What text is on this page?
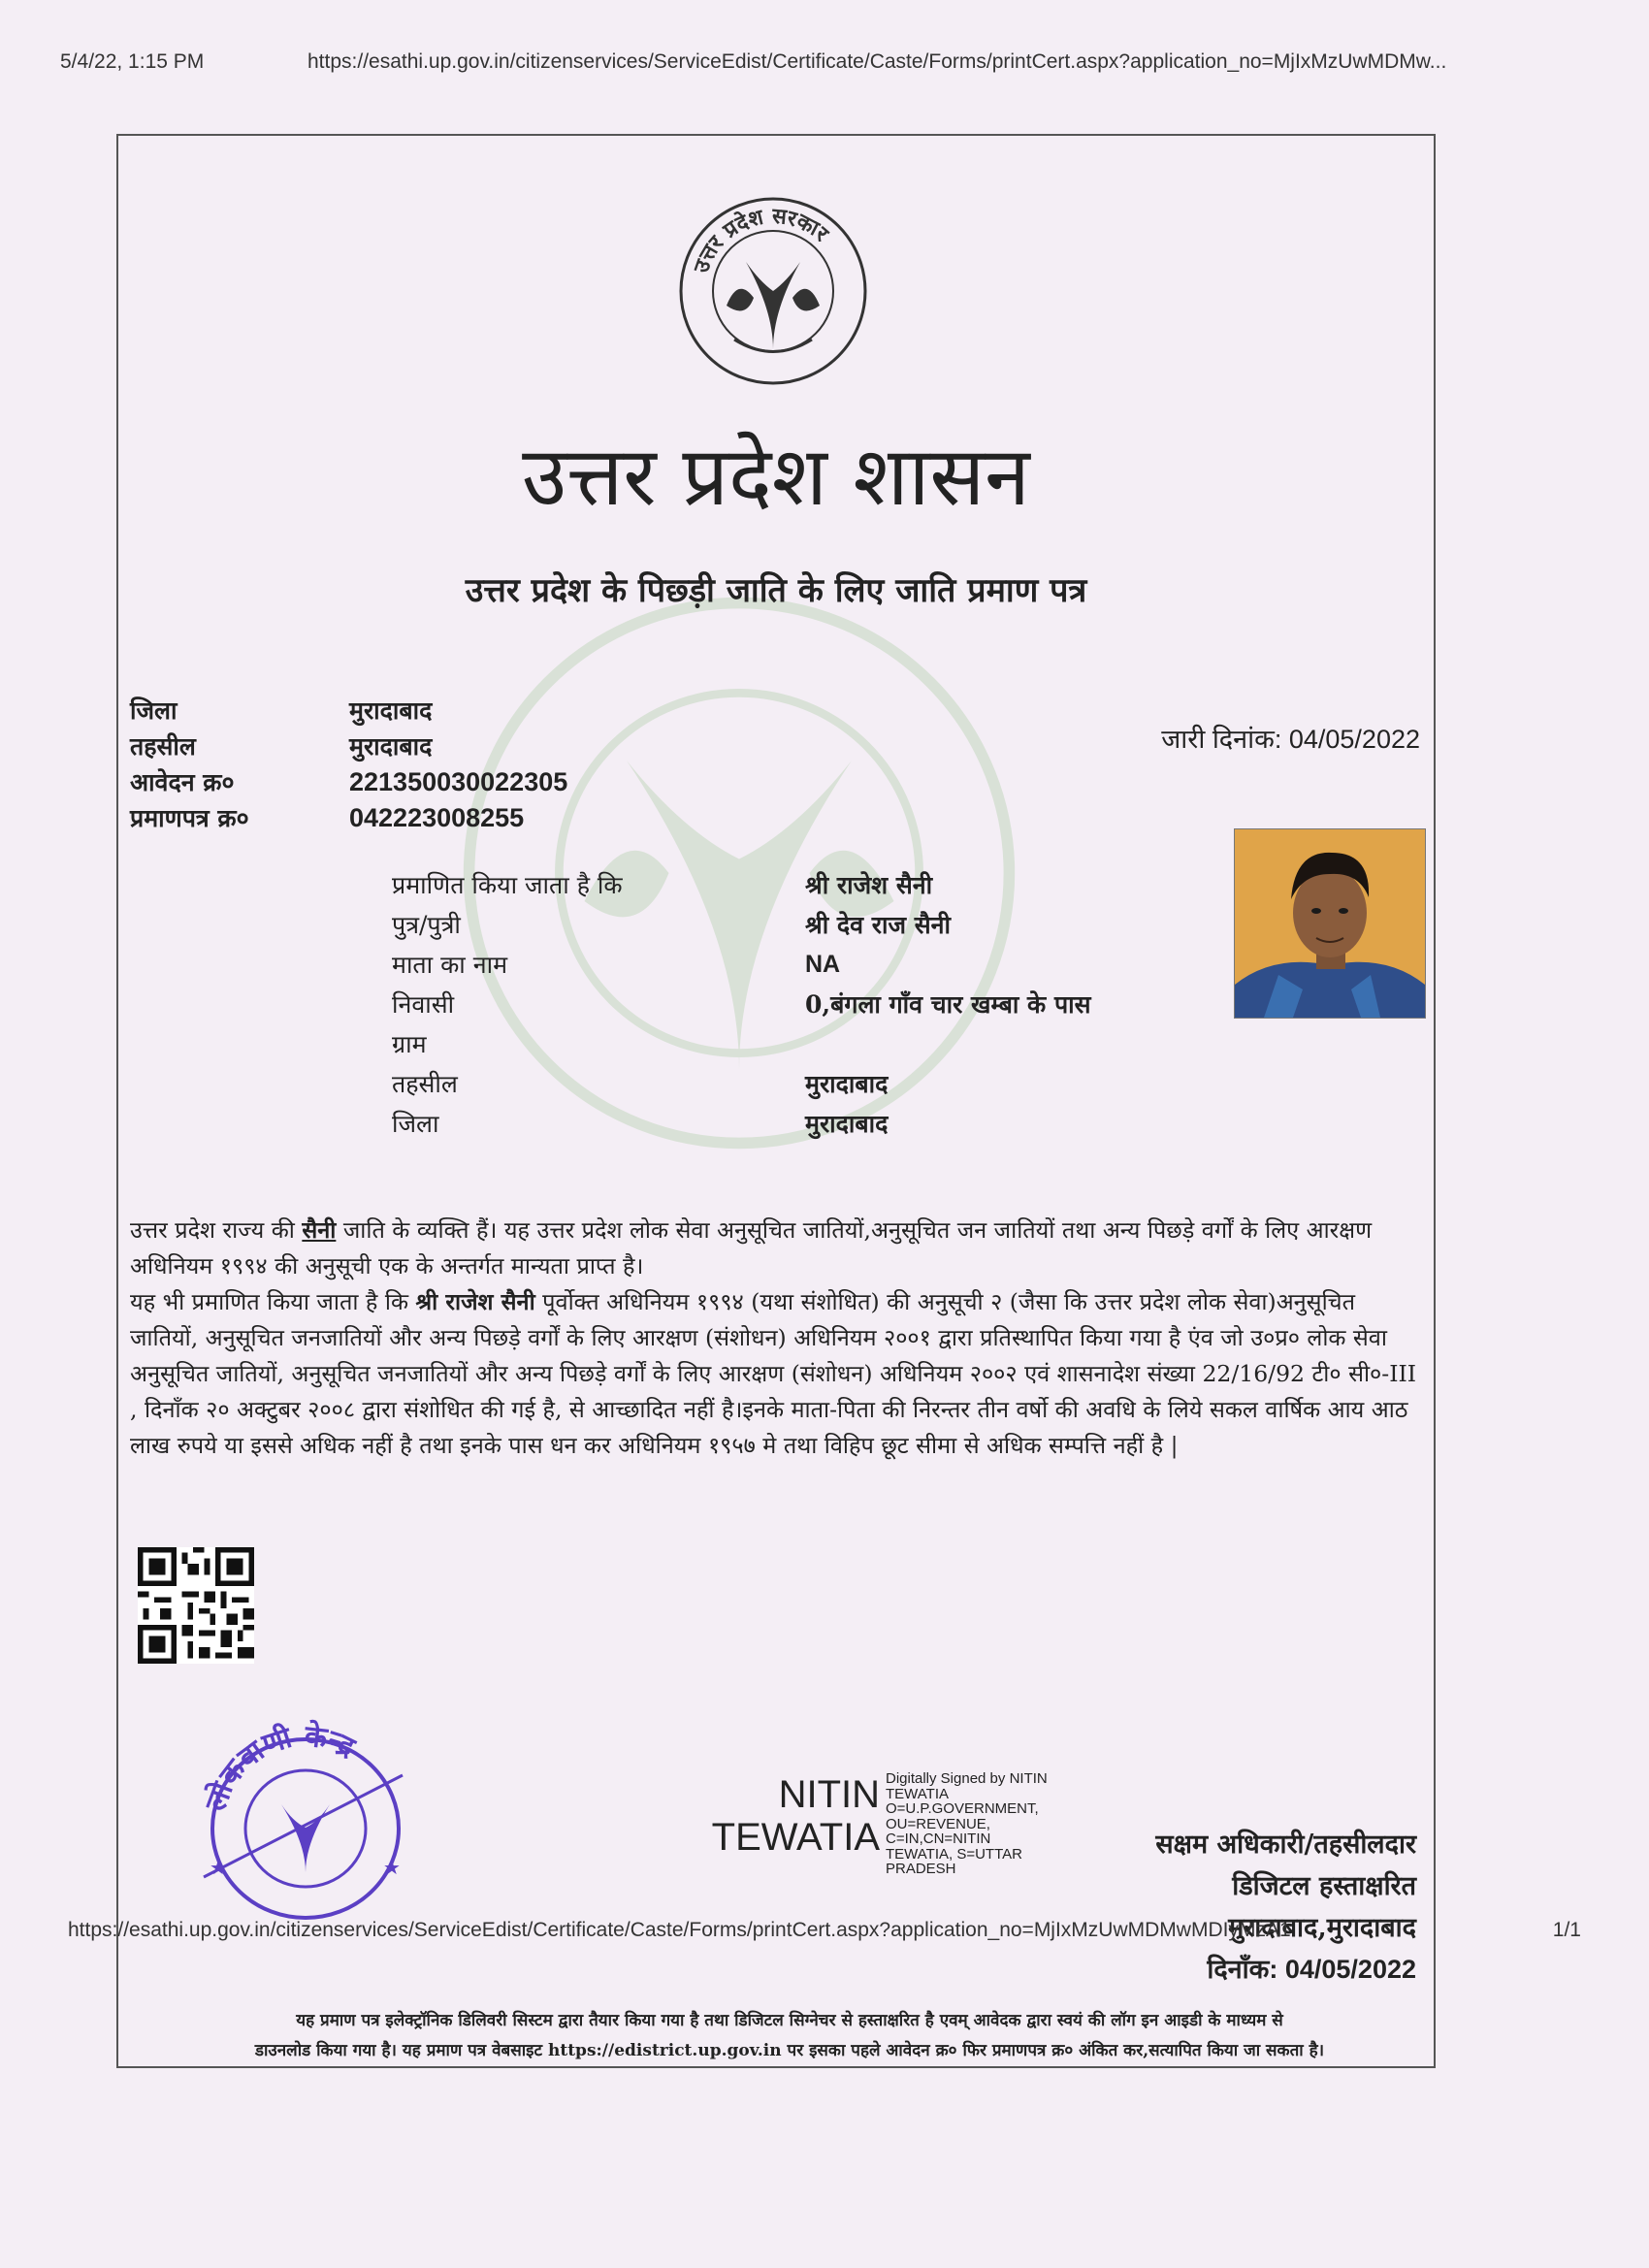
5/4/22, 1:15 PM	https://esathi.up.gov.in/citizenservices/ServiceEdist/Certificate/Caste/Forms/printCert.aspx?application_no=MjIxMzUwMDMw...
उत्तर प्रदेश सरकार
उत्तर प्रदेश शासन
उत्तर प्रदेश के पिछ्ड़ी जाति के लिए जाति प्रमाण पत्र
जिला	मुरादाबाद
तहसील	मुरादाबाद
आवेदन क्र०	221350030022305
प्रमाणपत्र क्र०	042223008255
जारी दिनांक: 04/05/2022
प्रमाणित किया जाता है कि	श्री राजेश सैनी
पुत्र/पुत्री	श्री देव राज सैनी
माता का नाम	NA
निवासी	0,बंगला गाँव चार खम्बा के पास
ग्राम
तहसील	मुरादाबाद
जिला	मुरादाबाद

उत्तर प्रदेश राज्य की सैनी जाति के व्यक्ति हैं। यह उत्तर प्रदेश लोक सेवा अनुसूचित जातियों,अनुसूचित जन जातियों तथा अन्य पिछड़े वर्गों के लिए आरक्षण अधिनियम १९९४ की अनुसूची एक के अन्तर्गत मान्यता प्राप्त है।

यह भी प्रमाणित किया जाता है कि श्री राजेश सैनी पूर्वोक्त अधिनियम १९९४ (यथा संशोधित) की अनुसूची २ (जैसा कि उत्तर प्रदेश लोक सेवा)अनुसूचित जातियों, अनुसूचित जनजातियों और अन्य पिछड़े वर्गों के लिए आरक्षण (संशोधन) अधिनियम २००१ द्वारा प्रतिस्थापित किया गया है एंव जो उ०प्र० लोक सेवा अनुसूचित जातियों, अनुसूचित जनजातियों और अन्य पिछड़े वर्गों के लिए आरक्षण (संशोधन) अधिनियम २००२ एवं शासनादेश संख्या 22/16/92 टी० सी०-III , दिनाँक २० अक्टुबर २००८ द्वारा संशोधित की गई है, से आच्छादित नहीं है।इनके माता-पिता की निरन्तर तीन वर्षो की अवधि के लिये सकल वार्षिक आय आठ लाख रुपये या इससे अधिक नहीं है तथा इनके पास धन कर अधिनियम १९५७ मे तथा विहिप छूट सीमा से अधिक सम्पत्ति नहीं है |

लोकवाणी केन्द्र
★	★
NITIN
TEWATIA
Digitally Signed by NITIN
TEWATIA
O=U.P.GOVERNMENT,
OU=REVENUE,
C=IN,CN=NITIN
TEWATIA, S=UTTAR
PRADESH
सक्षम अधिकारी/तहसीलदार
डिजिटल हस्ताक्षरित
मुरादाबाद,मुरादाबाद
दिनाँक: 04/05/2022
यह प्रमाण पत्र इलेक्ट्रॉनिक डिलिवरी सिस्टम द्वारा तैयार किया गया है तथा डिजिटल सिग्नेचर से हस्ताक्षरित है एवम् आवेदक द्वारा स्वयं की लॉग इन आइडी के माध्यम से
डाउनलोड किया गया है। यह प्रमाण पत्र वेबसाइट https://edistrict.up.gov.in पर इसका पहले आवेदन क्र० फिर प्रमाणपत्र क्र० अंकित कर,सत्यापित किया जा सकता है।
https://esathi.up.gov.in/citizenservices/ServiceEdist/Certificate/Caste/Forms/printCert.aspx?application_no=MjIxMzUwMDMwMDIyMzA1	1/1
